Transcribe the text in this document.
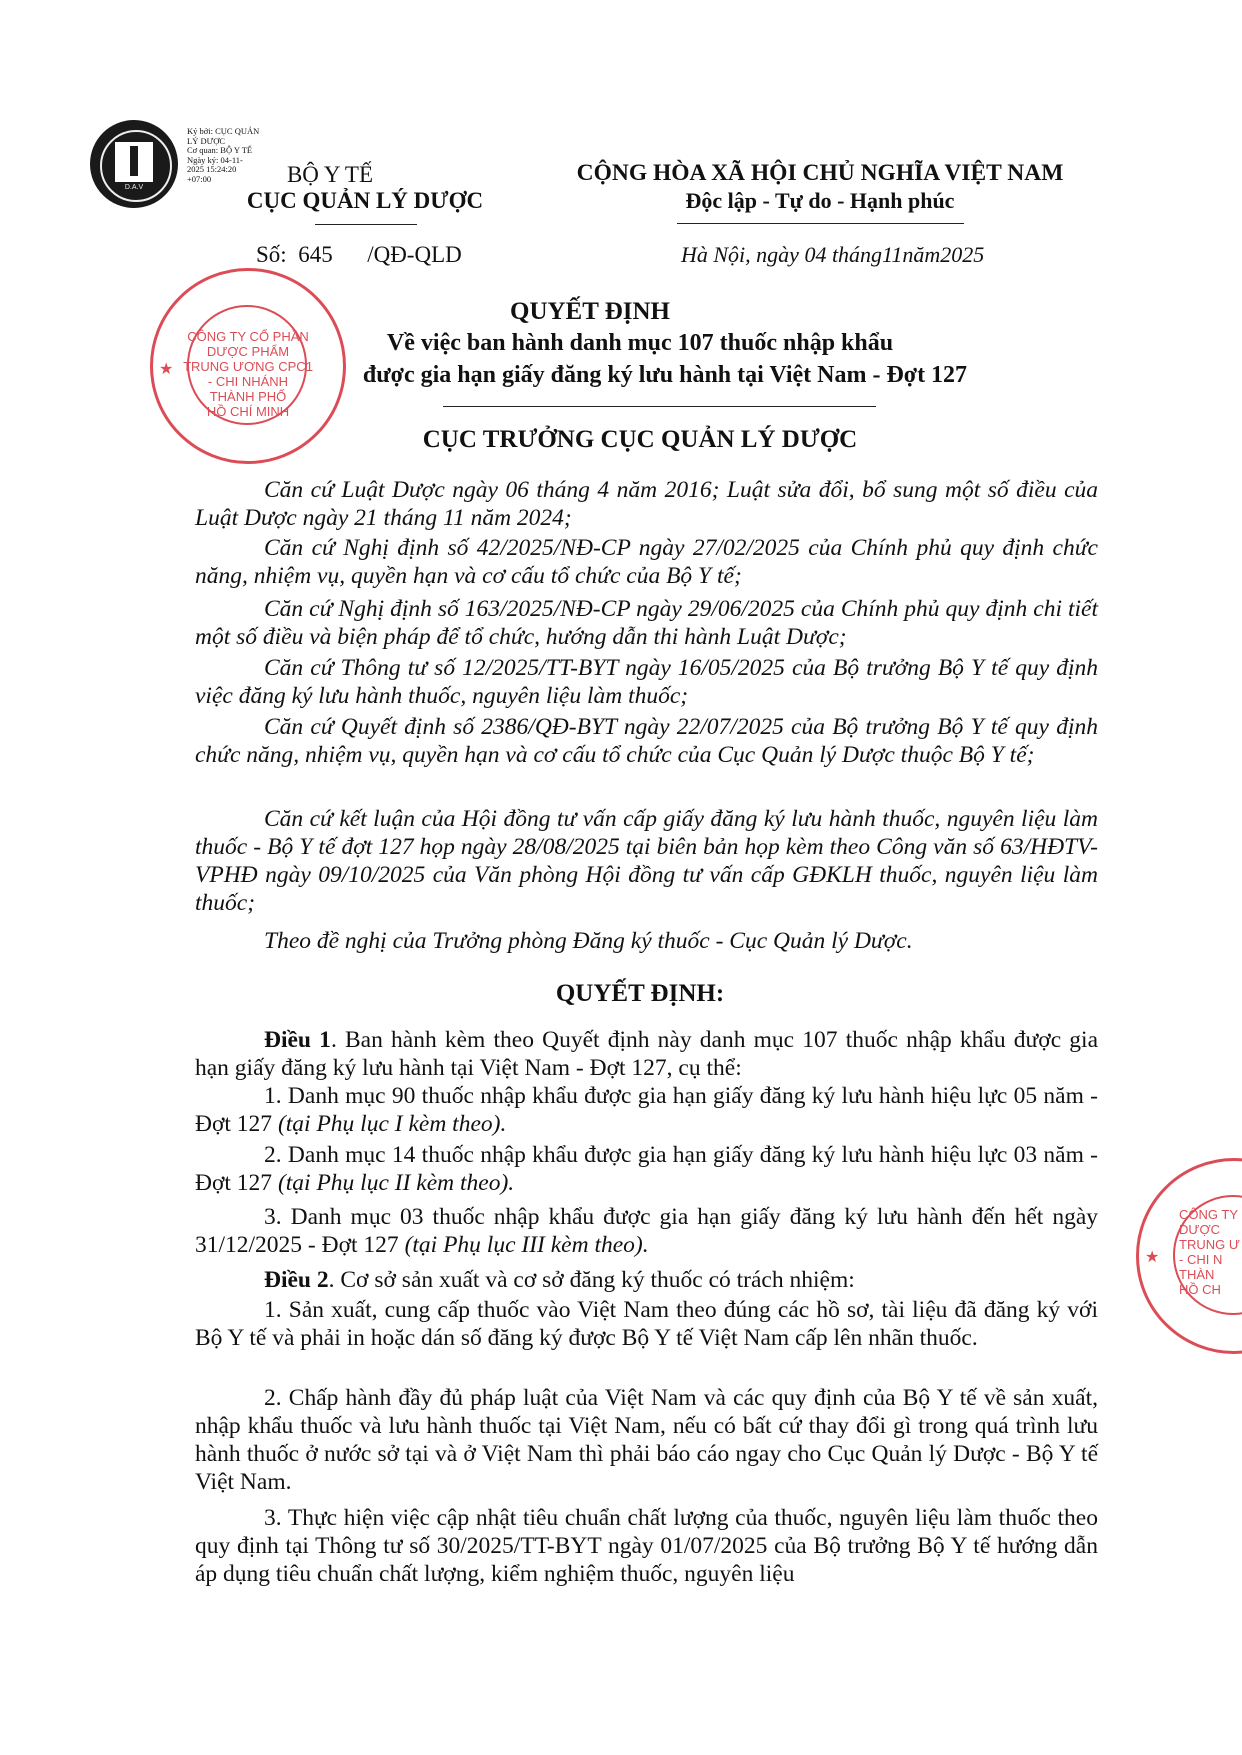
D.A.V
Ký bởi: CỤC QUẢN
LÝ DƯỢC
Cơ quan: BỘ Y TẾ
Ngày ký: 04-11-
2025 15:24:20
+07:00	BỘ Y TẾ
CỤC QUẢN LÝ DƯỢC
Số: 645 /QĐ-QLD
CỘNG HÒA XÃ HỘI CHỦ NGHĨA VIỆT NAM
Độc lập - Tự do - Hạnh phúc
Hà Nội, ngày 04 tháng11năm2025
QUYẾT ĐỊNH
Về việc ban hành danh mục 107 thuốc nhập khẩu
được gia hạn giấy đăng ký lưu hành tại Việt Nam - Đợt 127
CỤC TRƯỞNG CỤC QUẢN LÝ DƯỢC
Căn cứ Luật Dược ngày 06 tháng 4 năm 2016; Luật sửa đổi, bổ sung một số điều của Luật Dược ngày 21 tháng 11 năm 2024;
Căn cứ Nghị định số 42/2025/NĐ-CP ngày 27/02/2025 của Chính phủ quy định chức năng, nhiệm vụ, quyền hạn và cơ cấu tổ chức của Bộ Y tế;
Căn cứ Nghị định số 163/2025/NĐ-CP ngày 29/06/2025 của Chính phủ quy định chi tiết một số điều và biện pháp để tổ chức, hướng dẫn thi hành Luật Dược;
Căn cứ Thông tư số 12/2025/TT-BYT ngày 16/05/2025 của Bộ trưởng Bộ Y tế quy định việc đăng ký lưu hành thuốc, nguyên liệu làm thuốc;
Căn cứ Quyết định số 2386/QĐ-BYT ngày 22/07/2025 của Bộ trưởng Bộ Y tế quy định chức năng, nhiệm vụ, quyền hạn và cơ cấu tổ chức của Cục Quản lý Dược thuộc Bộ Y tế;
Căn cứ kết luận của Hội đồng tư vấn cấp giấy đăng ký lưu hành thuốc, nguyên liệu làm thuốc - Bộ Y tế đợt 127 họp ngày 28/08/2025 tại biên bản họp kèm theo Công văn số 63/HĐTV-VPHĐ ngày 09/10/2025 của Văn phòng Hội đồng tư vấn cấp GĐKLH thuốc, nguyên liệu làm thuốc;
Theo đề nghị của Trưởng phòng Đăng ký thuốc - Cục Quản lý Dược.
QUYẾT ĐỊNH:
Điều 1. Ban hành kèm theo Quyết định này danh mục 107 thuốc nhập khẩu được gia hạn giấy đăng ký lưu hành tại Việt Nam - Đợt 127, cụ thể:
1. Danh mục 90 thuốc nhập khẩu được gia hạn giấy đăng ký lưu hành hiệu lực 05 năm - Đợt 127 (tại Phụ lục I kèm theo).
2. Danh mục 14 thuốc nhập khẩu được gia hạn giấy đăng ký lưu hành hiệu lực 03 năm - Đợt 127 (tại Phụ lục II kèm theo).
3. Danh mục 03 thuốc nhập khẩu được gia hạn giấy đăng ký lưu hành đến hết ngày 31/12/2025 - Đợt 127 (tại Phụ lục III kèm theo).
Điều 2. Cơ sở sản xuất và cơ sở đăng ký thuốc có trách nhiệm:
1. Sản xuất, cung cấp thuốc vào Việt Nam theo đúng các hồ sơ, tài liệu đã đăng ký với Bộ Y tế và phải in hoặc dán số đăng ký được Bộ Y tế Việt Nam cấp lên nhãn thuốc.
2. Chấp hành đầy đủ pháp luật của Việt Nam và các quy định của Bộ Y tế về sản xuất, nhập khẩu thuốc và lưu hành thuốc tại Việt Nam, nếu có bất cứ thay đổi gì trong quá trình lưu hành thuốc ở nước sở tại và ở Việt Nam thì phải báo cáo ngay cho Cục Quản lý Dược - Bộ Y tế Việt Nam.
3. Thực hiện việc cập nhật tiêu chuẩn chất lượng của thuốc, nguyên liệu làm thuốc theo quy định tại Thông tư số 30/2025/TT-BYT ngày 01/07/2025 của Bộ trưởng Bộ Y tế hướng dẫn áp dụng tiêu chuẩn chất lượng, kiểm nghiệm thuốc, nguyên liệu
CÔNG TY CỔ PHẦN
DƯỢC PHẨM
TRUNG ƯƠNG CPC1
- CHI NHÁNH
THÀNH PHỐ
HỒ CHÍ MINH
★
CÔNG TY
DƯỢC
TRUNG Ư
- CHI N
THÀN
HỒ CH
★
